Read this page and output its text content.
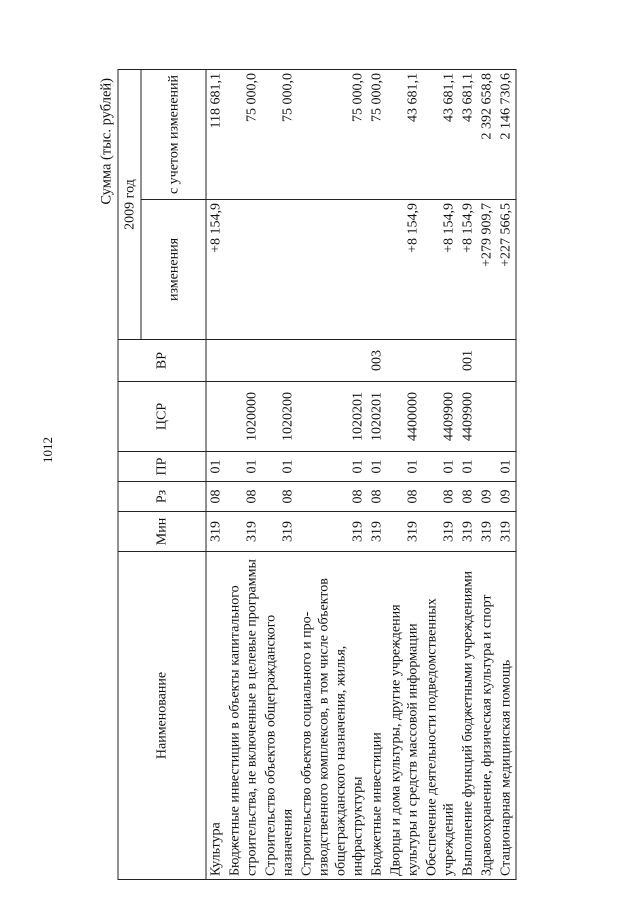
1012
Сумма (тыс. рублей)
Наименование	Мин	Рз	ПР	ЦСР	ВР	2009 год	
						изменения	с учетом изменений
Культура	319	08	01			+8 154,9	118 681,1
Бюджетные инвестиции в объекты капитального строительства, не включенные в целевые программы	319	08	01	1020000			75 000,0
Строительство объектов общегражданского назначения	319	08	01	1020200			75 000,0
Строительство объектов социального и производственного комплексов, в том числе объектов общегражданского назначения, жилья, инфраструктуры	319	08	01	1020201			75 000,0
Бюджетные инвестиции	319	08	01	1020201	003		75 000,0
Дворцы и дома культуры, другие учреждения культуры и средств массовой информации	319	08	01	4400000		+8 154,9	43 681,1
Обеспечение деятельности подведомственных учреждений	319	08	01	4409900		+8 154,9	43 681,1
Выполнение функций бюджетными учреждениями	319	08	01	4409900	001	+8 154,9	43 681,1
Здравоохранение, физическая культура и спорт	319	09				+279 909,7	2 392 658,8
Стационарная медицинская помощь	319	09	01			+227 566,5	2 146 730,6
